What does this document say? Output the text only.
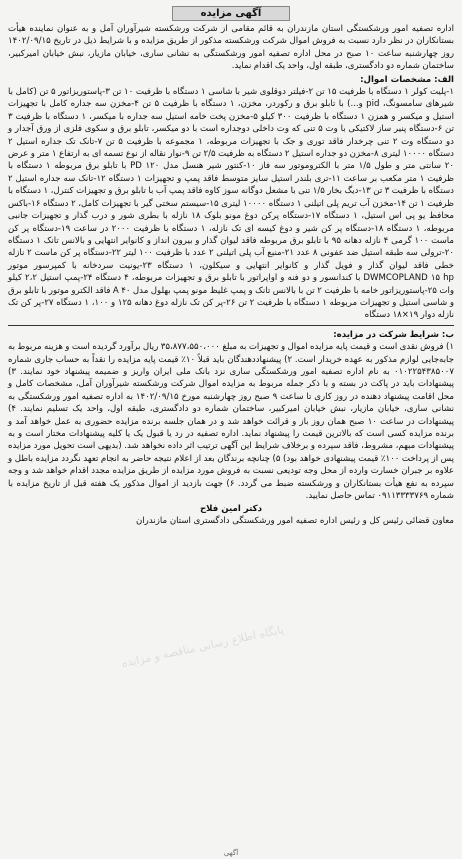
آگهی مزایده

اداره تصفیه امور ورشکستگی استان مازندران به قائم مقامی از شرکت ورشکسته شیرآوران آمل و به عنوان نماینده هیأت بستانکاران در نظر دارد نسبت به فروش اموال شرکت ورشکسته مذکور از طریق مزایده و با شرایط ذیل در تاریخ ۱۴۰۲/۰۹/۱۵ روز چهارشنبه ساعت ۱۰ صبح در محل اداره تصفیه امور ورشکستگی به نشانی ساری، خیابان مازیار، نبش خیابان امیرکبیر، ساختمان شماره دو دادگستری، طبقه اول، واحد یک اقدام نماید.

الف: مشخصات اموال:

۱-پلیت کولر ۱ دستگاه با ظرفیت ۱۵ تن ۲-فیلتر دوقلوی شیر با شاسی ۱ دستگاه با ظرفیت ۱۰ تن ۳-پاستوریزاتور ۵ تن (کامل با شیرهای سامسونگ، pid و...) با تابلو برق و رکوردر، مخزن، ۱ دستگاه با ظرفیت ۵ تن ۴-مخزن سه جداره کامل با تجهیزات استیل و میکسر و همزن ۱ دستگاه با ظرفیت ۳۰۰ کیلو ۵-مخزن پخت خامه استیل سه جداره با میکسر، ۱ دستگاه با ظرفیت ۳ تن ۶-دستگاه پنیر ساز لاکتیکی با وت ۵ تنی که وت داخلی دوجداره است با دو میکسر، تابلو برق و سکوی فلزی از ورق آجدار و دو دستگاه وت ۲ تنی چرخدار فاقد توری و جک با تجهیزات مربوطه، ۱ مجموعه با ظرفیت ۵ تن ۷-تانک تک جداره استیل ۲ دستگاه ۱۰۰۰۰ لیتری ۸-مخزن دو جداره استیل ۲ دستگاه به ظرفیت ۲/۵ تن ۹-نوار نقاله از نوع تسمه ای به ارتفاع ۱ متر و عرض ۲۰ سانتی متر و طول ۱/۵ متر با الکتروموتور سه فاز ۱۰-کنتور شیر هنسل مدل PD ۱۲۰ با تابلو برق مربوطه ۱ دستگاه با ظرفیت ۱ متر مکعب بر ساعت ۱۱-تری بلندر استیل سایز متوسط فاقد پمپ و تجهیزات ۱ دستگاه ۱۲-تانک سه جداره استیل ۲ دستگاه با ظرفیت ۳ تن ۱۳-دیگ بخار ۱/۵ تنی با مشعل دوگانه سوز کاوه فاقد پمپ آب با تابلو برق و تجهیزات کنترل، ۱ دستگاه با ظرفیت ۱ تن ۱۴-مخزن آب تریم پلی اتیلنی ۱ دستگاه ۱۰۰۰۰ لیتری ۱۵-سیستم سختی گیر با تجهیزات کامل، ۲ دستگاه ۱۶-باکس محافظ یو پی اس استیل، ۱ دستگاه ۱۷-دستگاه پرکن دوغ مونو بلوک ۱۸ نازله با بطری شور و درب گذار و تجهیزات جانبی مربوطه، ۱ دستگاه ۱۸-دستگاه پر کن شیر و دوغ کیسه ای تک نازله، ۱ دستگاه با ظرفیت ۲۰۰۰ در ساعت ۱۹-دستگاه پر کن ماست ۱۰۰ گرمی ۴ نازله دهانه ۹۵ با تابلو برق مربوطه فاقد لیوان گذار و بیرون انداز و کانوایر انتهایی و بالانس تانک ۱ دستگاه ۲۰-ترولی سه طبقه استیل ضد عفونی ۸ عدد ۲۱-منبع آب پلی اتیلنی ۲ عدد با ظرفیت ۱۰۰ لیتر ۲۲-دستگاه پر کن ماست ۲ نازله خطی فاقد لیوان گذار و فویل گذار و کانوایر انتهایی و سیکلون، ۱ دستگاه ۲۳-یونیت سردخانه با کمپرسور موتور DWMCOPLAND ۱۵ hp با کندانسور و دو فنه و اواپراتور با تابلو برق و تجهیزات مربوطه، ۴ دستگاه ۲۴-پمپ استیل ۲،۲ کیلو وات ۲۵-پاستوریزاتور خامه با ظرفیت ۲ تن با بالانس تانک و پمپ غلیظ مونو پمپ بهلول مدل A ۴۰ فاقد الکترو موتور با تابلو برق و شاسی استیل و تجهیزات مربوطه ۱ دستگاه با ظرفیت ۲ تن ۲۶-پر کن تک نازله دوغ دهانه ۱۲۵ و ۱۰۰، ۱ دستگاه ۲۷-پر کن تک نازله دوار ۱۹×۱۸ دستگاه

ب: شرایط شرکت در مزایده:

۱) فروش نقدی است و قیمت پایه مزایده اموال و تجهیزات به مبلغ ۳۵،۸۷۷،۵۵۰،۰۰۰ ریال برآورد گردیده است و هزینه مربوط به جابه‌جایی لوازم مذکور به عهده خریدار است. ۲) پیشنهاددهندگان باید قبلاً ۱۰٪ قیمت پایه مزایده را نقداً به حساب جاری شماره ۰۱۰۲۲۵۴۳۸۵۰۰۷ به نام اداره تصفیه امور ورشکستگی ساری نزد بانک ملی ایران واریز و ضمیمه پیشنهاد خود نمایند. ۳) پیشنهادات باید در پاکت در بسته و با ذکر جمله مربوط به مزایده اموال شرکت ورشکسته شیرآوران آمل، مشخصات کامل و محل اقامت پیشنهاد دهنده در روز کاری تا ساعت ۹ صبح روز چهارشنبه مورخ ۱۴۰۲/۰۹/۱۵ به اداره تصفیه امور ورشکستگی به نشانی ساری، خیابان مازیار، نبش خیابان امیرکبیر، ساختمان شماره دو دادگستری، طبقه اول، واحد یک تسلیم نمایند. ۴) پیشنهادات در ساعت ۱۰ صبح همان روز باز و قرائت خواهد شد و در همان جلسه برنده مزایده حضوری به عمل خواهد آمد و برنده مزایده کسی است که بالاترین قیمت را پیشنهاد نماید. اداره تصفیه در رد یا قبول یک یا کلیه پیشنهادات مختار است و به پیشنهادات مبهم، مشروط، فاقد سپرده و برخلاف شرایط این آگهی ترتیب اثر داده نخواهد شد. (بدیهی است تحویل مورد مزایده پس از پرداخت ۱۰۰٪ قیمت پیشنهادی خواهد بود) ۵) چنانچه برندگان بعد از اعلام نتیجه حاضر به انجام تعهد نگردد مزایده باطل و علاوه بر جبران خسارت وارده از محل وجه تودیعی نسبت به فروش مورد مزایده از طریق مزایده مجدد اقدام خواهد شد و وجه سپرده به نفع هیأت بستانکاران و ورشکسته ضبط می گردد. ۶) جهت بازدید از اموال مذکور یک هفته قبل از تاریخ مزایده با شماره ۰۹۱۱۳۳۳۳۷۶۹ تماس حاصل نمایید.

دکتر امین فلاح

معاون قضائی رئیس کل و رئیس اداره تصفیه امور ورشکستگی دادگستری استان مازندران

پایگاه اطلاع رسانی مناقصه و مزایده
آگهی
